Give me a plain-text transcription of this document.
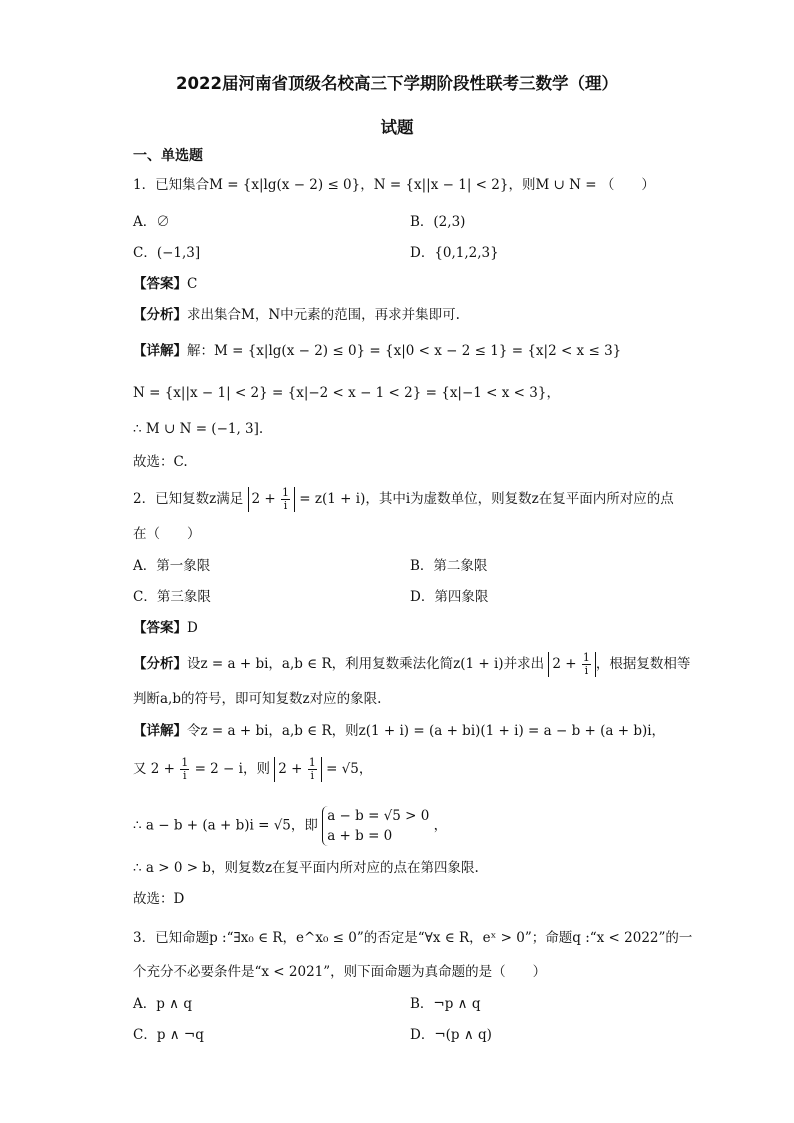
2022届河南省顶级名校高三下学期阶段性联考三数学（理）
试题
一、单选题
1．已知集合M = {x|lg(x − 2) ≤ 0}，N = {x||x − 1| < 2}，则M ∪ N = （　　）
A．∅	B．(2,3)
C．(−1,3]	D．{0,1,2,3}
【答案】C
【分析】求出集合M，N中元素的范围，再求并集即可.
【详解】解：M = {x|lg(x − 2) ≤ 0} = {x|0 < x − 2 ≤ 1} = {x|2 < x ≤ 3}
N = {x||x − 1| < 2} = {x|−2 < x − 1 < 2} = {x|−1 < x < 3}，
∴ M ∪ N = (−1, 3].
故选：C.
2．已知复数z满足 $2 + \frac{1}{i} = z(1 + i)$，其中i为虚数单位，则复数z在复平面内所对应的点
在（　　）
A．第一象限	B．第二象限
C．第三象限	D．第四象限
【答案】D
【分析】设z = a + bi，a,b ∈ R，利用复数乘法化简z(1 + i)并求出 $2 + \frac{1}{i}$ ，根据复数相等
判断a,b的符号，即可知复数z对应的象限.
【详解】令z = a + bi，a,b ∈ R，则z(1 + i) = (a + bi)(1 + i) = a − b + (a + b)i，
又 $2 + \frac{1}{i} = 2 - i$，则 $2 + \frac{1}{i} = √5$，
∴ a − b + (a + b)i = √5，即
a − b = √5 > 0
a + b = 0
，
∴ a > 0 > b，则复数z在复平面内所对应的点在第四象限.
故选：D
3．已知命题p :“∃x₀ ∈ R，e^x₀ ≤ 0”的否定是“∀x ∈ R，eˣ > 0”；命题q :“x < 2022”的一
个充分不必要条件是“x < 2021”，则下面命题为真命题的是（　　）
A．p ∧ q	B．¬p ∧ q
C．p ∧ ¬q	D．¬(p ∧ q)
